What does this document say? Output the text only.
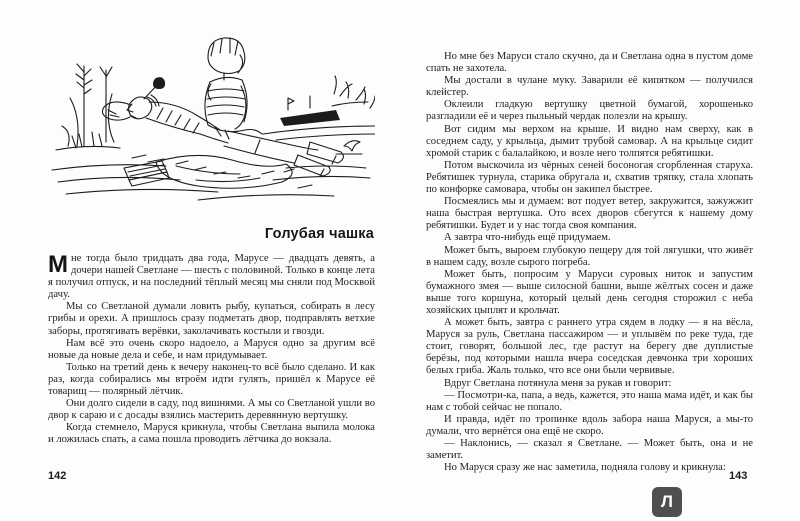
Голубая чашка

Мне тогда было тридцать два года, Марусе — двадцать девять, а дочери нашей Светлане — шесть с половиной. Только в конце лета я получил отпуск, и на последний тёплый месяц мы сняли под Москвой дачу.

Мы со Светланой думали ловить рыбу, купаться, собирать в лесу грибы и орехи. А пришлось сразу подметать двор, подправлять ветхие заборы, протягивать верёвки, заколачивать костыли и гвозди.

Нам всё это очень скоро надоело, а Маруся одно за другим всё новые да новые дела и себе, и нам придумывает.

Только на третий день к вечеру наконец-то всё было сделано. И как раз, когда собирались мы втроём идти гулять, пришёл к Марусе её товарищ — полярный лётчик.

Они долго сидели в саду, под вишнями. А мы со Светланой ушли во двор к сараю и с досады взялись мастерить деревянную вертушку.

Когда стемнело, Маруся крикнула, чтобы Светлана выпила молока и ложилась спать, а сама пошла проводить лётчика до вокзала.

Но мне без Маруси стало скучно, да и Светлана одна в пустом доме спать не захотела.

Мы достали в чулане муку. Заварили её кипятком — получился клейстер.

Оклеили гладкую вертушку цветной бумагой, хорошенько разгладили её и через пыльный чердак полезли на крышу.

Вот сидим мы верхом на крыше. И видно нам сверху, как в соседнем саду, у крыльца, дымит трубой самовар. А на крыльце сидит хромой старик с балалайкою, и возле него толпятся ребятишки.

Потом выскочила из чёрных сеней босоногая сгорбленная старуха. Ребятишек турнула, старика обругала и, схватив тряпку, стала хлопать по конфорке самовара, чтобы он закипел быстрее.

Посмеялись мы и думаем: вот подует ветер, закружится, зажужжит наша быстрая вертушка. Ото всех дворов сбегутся к нашему дому ребятишки. Будет и у нас тогда своя компания.

А завтра что-нибудь ещё придумаем.

Может быть, выроем глубокую пещеру для той лягушки, что живёт в нашем саду, возле сырого погреба.

Может быть, попросим у Маруси суровых ниток и запустим бумажного змея — выше силосной башни, выше жёлтых сосен и даже выше того коршуна, который целый день сегодня сторожил с неба хозяйских цыплят и крольчат.

А может быть, завтра с раннего утра сядем в лодку — я на вёсла, Маруся за руль, Светлана пассажиром — и уплывём по реке туда, где стоит, говорят, большой лес, где растут на берегу две дуплистые берёзы, под которыми нашла вчера соседская девчонка три хороших белых гриба. Жаль только, что все они были червивые.

Вдруг Светлана потянула меня за рукав и говорит:

— Посмотри-ка, папа, а ведь, кажется, это наша мама идёт, и как бы нам с тобой сейчас не попало.

И правда, идёт по тропинке вдоль забора наша Маруся, а мы-то думали, что вернётся она ещё не скоро.

— Наклонись, — сказал я Светлане. — Может быть, она и не заметит.

Но Маруся сразу же нас заметила, подняла голову и крикнула:

142	143
Л
